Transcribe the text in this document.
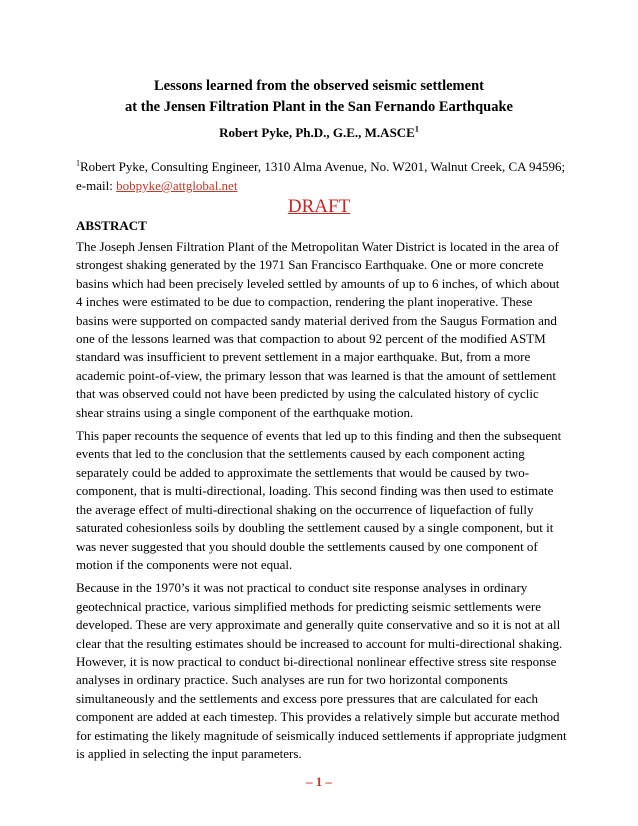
Lessons learned from the observed seismic settlement
at the Jensen Filtration Plant in the San Fernando Earthquake
Robert Pyke, Ph.D., G.E., M.ASCE$^1$
$^1$Robert Pyke, Consulting Engineer, 1310 Alma Avenue, No. W201, Walnut Creek, CA 94596;
e-mail: bobpyke@attglobal.net
DRAFT
ABSTRACT

The Joseph Jensen Filtration Plant of the Metropolitan Water District is located in the area of strongest shaking generated by the 1971 San Francisco Earthquake. One or more concrete basins which had been precisely leveled settled by amounts of up to 6 inches, of which about 4 inches were estimated to be due to compaction, rendering the plant inoperative. These basins were supported on compacted sandy material derived from the Saugus Formation and one of the lessons learned was that compaction to about 92 percent of the modified ASTM standard was insufficient to prevent settlement in a major earthquake. But, from a more academic point-of-view, the primary lesson that was learned is that the amount of settlement that was observed could not have been predicted by using the calculated history of cyclic shear strains using a single component of the earthquake motion.

This paper recounts the sequence of events that led up to this finding and then the subsequent events that led to the conclusion that the settlements caused by each component acting separately could be added to approximate the settlements that would be caused by two-component, that is multi-directional, loading. This second finding was then used to estimate the average effect of multi-directional shaking on the occurrence of liquefaction of fully saturated cohesionless soils by doubling the settlement caused by a single component, but it was never suggested that you should double the settlements caused by one component of motion if the components were not equal.

Because in the 1970’s it was not practical to conduct site response analyses in ordinary geotechnical practice, various simplified methods for predicting seismic settlements were developed. These are very approximate and generally quite conservative and so it is not at all clear that the resulting estimates should be increased to account for multi-directional shaking. However, it is now practical to conduct bi-directional nonlinear effective stress site response analyses in ordinary practice. Such analyses are run for two horizontal components simultaneously and the settlements and excess pore pressures that are calculated for each component are added at each timestep. This provides a relatively simple but accurate method for estimating the likely magnitude of seismically induced settlements if appropriate judgment is applied in selecting the input parameters.

– 1 –
